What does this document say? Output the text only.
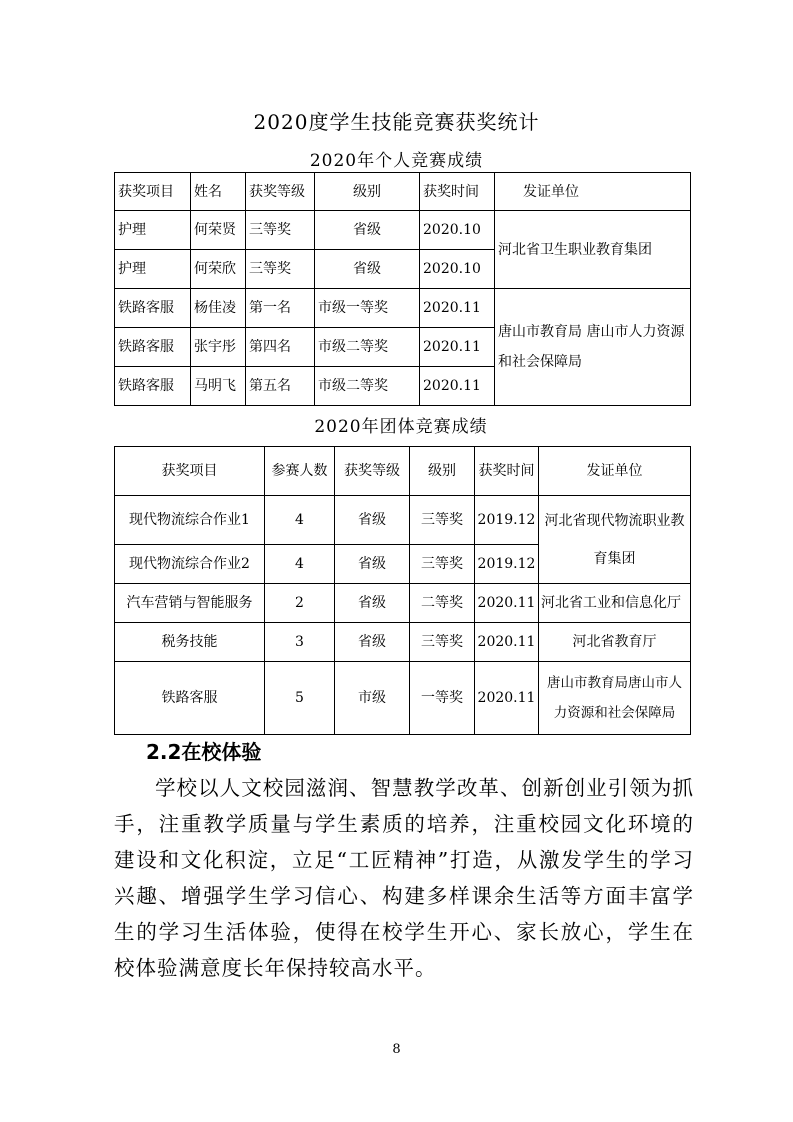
2020度学生技能竞赛获奖统计
2020年个人竞赛成绩
获奖项目	姓名	获奖等级	级别	获奖时间	发证单位
护理	何荣贤	三等奖	省级	2020.10	河北省卫生职业教育集团
护理	何荣欣	三等奖	省级	2020.10	
铁路客服	杨佳凌	第一名	市级一等奖	2020.11	唐山市教育局 唐山市人力资源和社会保障局
铁路客服	张宇彤	第四名	市级二等奖	2020.11	
铁路客服	马明飞	第五名	市级二等奖	2020.11	
2020年团体竞赛成绩
获奖项目	参赛人数	获奖等级	级别	获奖时间	发证单位
现代物流综合作业1	4	省级	三等奖	2019.12	河北省现代物流职业教育集团
现代物流综合作业2	4	省级	三等奖	2019.12	
汽车营销与智能服务	2	省级	二等奖	2020.11	河北省工业和信息化厅
税务技能	3	省级	三等奖	2020.11	河北省教育厅
铁路客服	5	市级	一等奖	2020.11	唐山市教育局唐山市人力资源和社会保障局
2.2在校体验

学校以人文校园滋润、智慧教学改革、创新创业引领为抓手，注重教学质量与学生素质的培养，注重校园文化环境的建设和文化积淀，立足“工匠精神”打造，从激发学生的学习兴趣、增强学生学习信心、构建多样课余生活等方面丰富学生的学习生活体验，使得在校学生开心、家长放心，学生在校体验满意度长年保持较高水平。

8
